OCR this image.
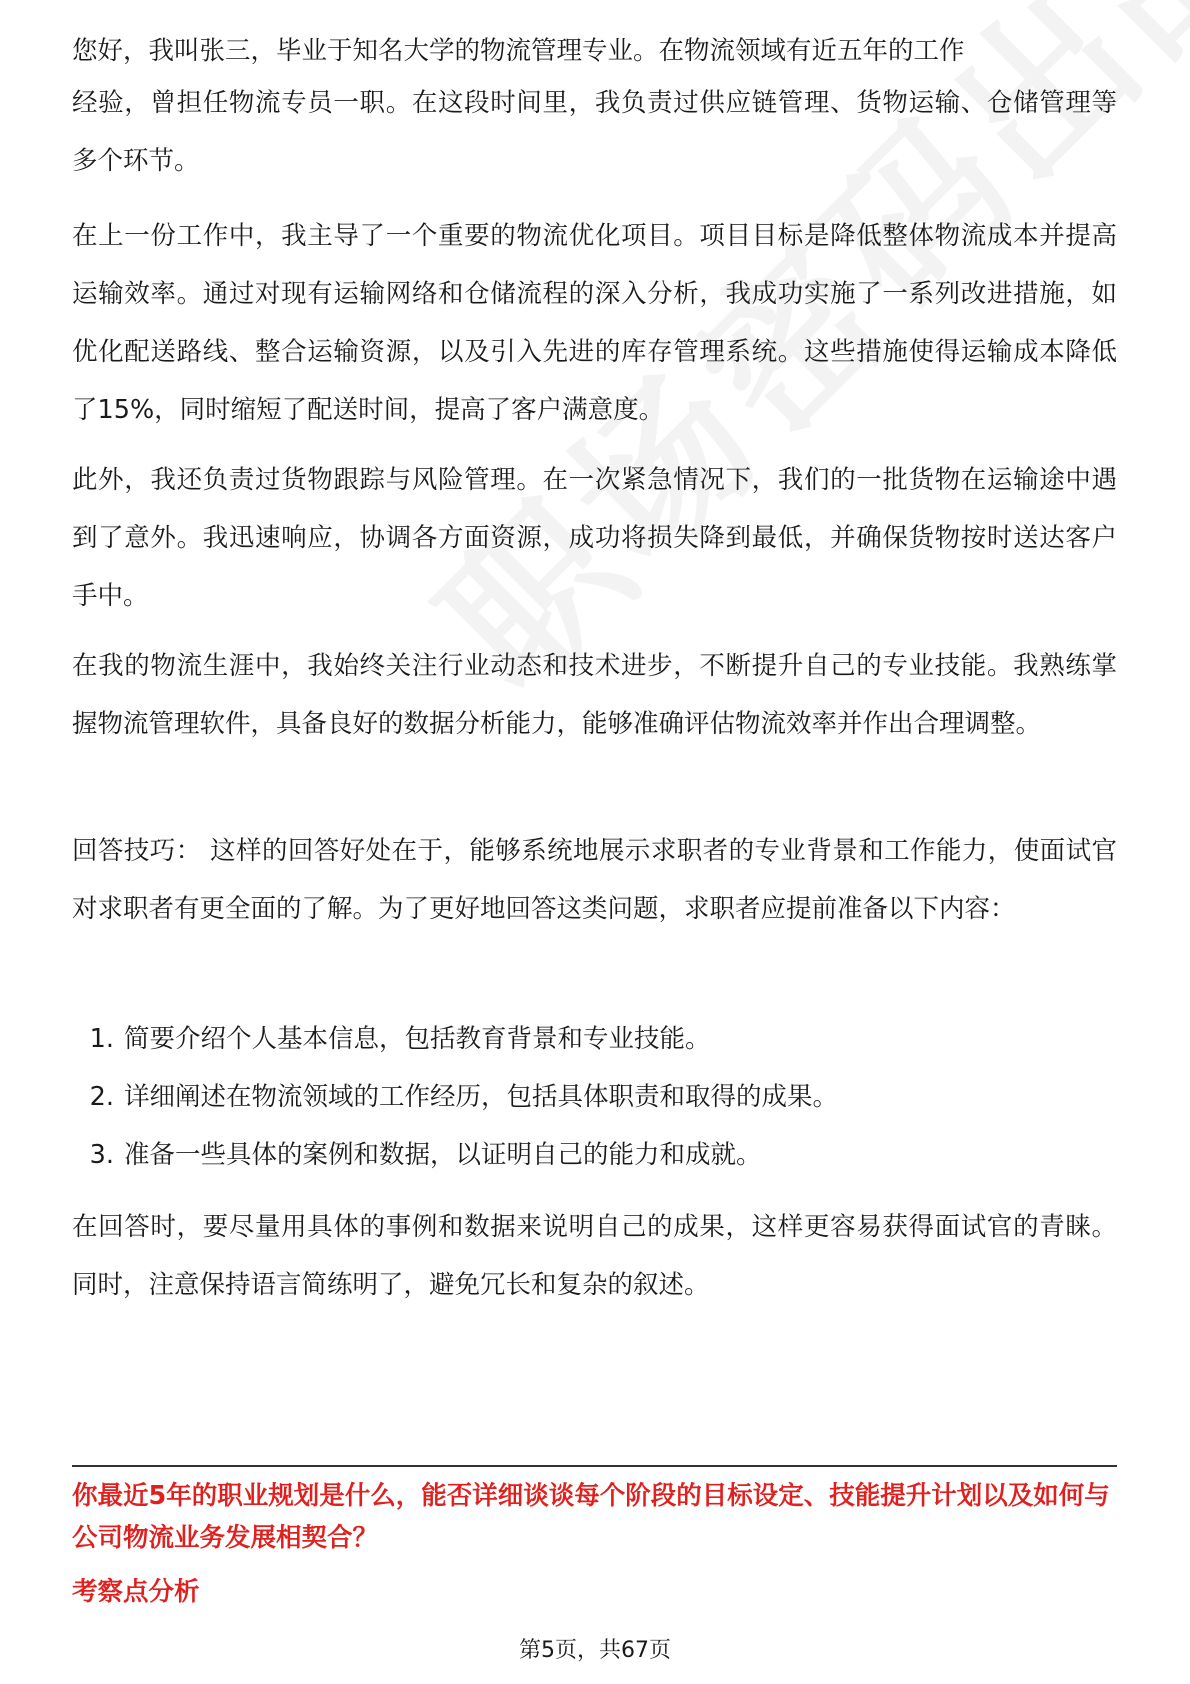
您好，我叫张三，毕业于知名大学的物流管理专业。在物流领域有近五年的工作

经验，曾担任物流专员一职。在这段时间里，我负责过供应链管理、货物运输、仓储管理等多个环节。

在上一份工作中，我主导了一个重要的物流优化项目。项目目标是降低整体物流成本并提高运输效率。通过对现有运输网络和仓储流程的深入分析，我成功实施了一系列改进措施，如优化配送路线、整合运输资源，以及引入先进的库存管理系统。这些措施使得运输成本降低了15%，同时缩短了配送时间，提高了客户满意度。

此外，我还负责过货物跟踪与风险管理。在一次紧急情况下，我们的一批货物在运输途中遇到了意外。我迅速响应，协调各方面资源，成功将损失降到最低，并确保货物按时送达客户手中。

在我的物流生涯中，我始终关注行业动态和技术进步，不断提升自己的专业技能。我熟练掌握物流管理软件，具备良好的数据分析能力，能够准确评估物流效率并作出合理调整。

回答技巧： 这样的回答好处在于，能够系统地展示求职者的专业背景和工作能力，使面试官对求职者有更全面的了解。为了更好地回答这类问题，求职者应提前准备以下内容：

1. 简要介绍个人基本信息，包括教育背景和专业技能。
2. 详细阐述在物流领域的工作经历，包括具体职责和取得的成果。
3. 准备一些具体的案例和数据，以证明自己的能力和成就。

在回答时，要尽量用具体的事例和数据来说明自己的成果，这样更容易获得面试官的青睐。同时，注意保持语言简练明了，避免冗长和复杂的叙述。

你最近5年的职业规划是什么，能否详细谈谈每个阶段的目标设定、技能提升计划以及如何与公司物流业务发展相契合？

考察点分析

第5页，共67页
